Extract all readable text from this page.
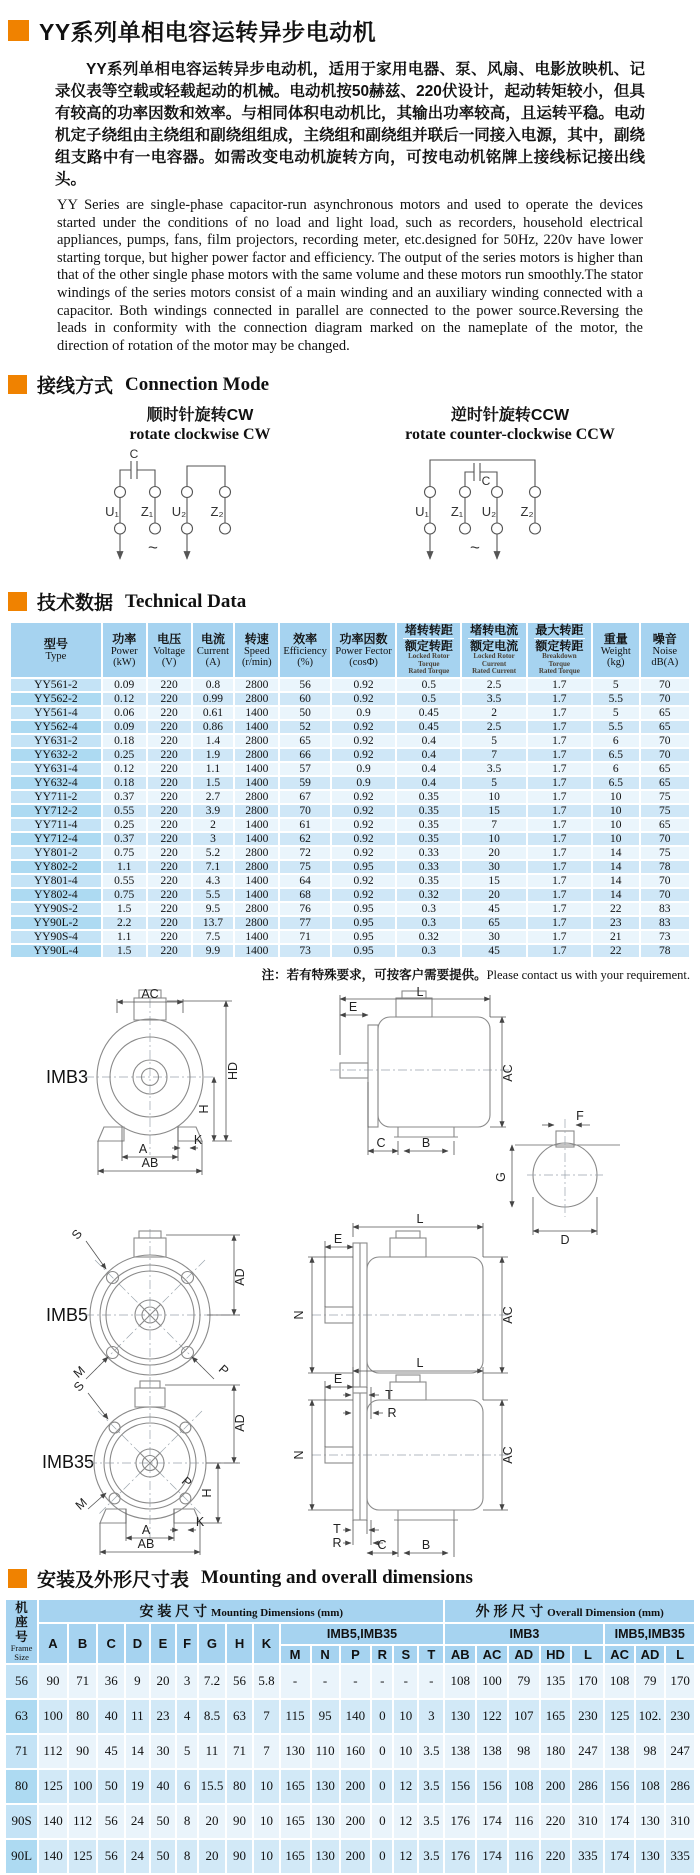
YY系列单相电容运转异步电动机

YY系列单相电容运转异步电动机，适用于家用电器、泵、风扇、电影放映机、记录仪表等空载或轻载起动的机械。电动机按50赫兹、220伏设计，起动转矩较小，但具有较高的功率因数和效率。与相同体积电动机比，其输出功率较高，且运转平稳。电动机定子绕组由主绕组和副绕组组成，主绕组和副绕组并联后一同接入电源，其中，副绕组支路中有一电容器。如需改变电动机旋转方向，可按电动机铭牌上接线标记接出线头。

YY Series are single-phase capacitor-run asynchronous motors and used to operate the devices started under the conditions of no load and light load, such as recorders, household electrical appliances, pumps, fans, film projectors, recording meter, etc.designed for 50Hz, 220v have lower starting torque, but higher power factor and efficiency. The output of the series motors is higher than that of the other single phase motors with the same volume and these motors run smoothly.The stator windings of the series motors consist of a main winding and an auxiliary winding connected with a capacitor. Both windings connected in parallel are connected to the power source.Reversing the leads in conformity with the connection diagram marked on the nameplate of the motor, the direction of rotation of the motor may be changed.

接线方式 Connection Mode
顺时针旋转CW
rotate clockwise CW
C
U₁ Z₁ U₂ Z₂
~
逆时针旋转CCW
rotate counter-clockwise CCW
C
U₁ Z₁ U₂ Z₂
~
技术数据 Technical Data
型号
Type

功率
Power
(kW)

电压
Voltage
(V)

电流
Current
(A)

转速
Speed
(r/min)

效率
Efficiency
(%)

功率因数
Power Fector
(cosΦ)

堵转转距
额定转距
Locked Rotor
Torque
Rated Torque

堵转电流
额定电流
Locked Rotor
Current
Rated Current

最大转距
额定转距
Breakdown
Torque
Rated Torque

重量
Weight
(kg)

噪音
Noise
dB(A)

YY561-2	0.09	220	0.8	2800	56	0.92	0.5	2.5	1.7	5	70
YY562-2	0.12	220	0.99	2800	60	0.92	0.5	3.5	1.7	5.5	70
YY561-4	0.06	220	0.61	1400	50	0.9	0.45	2	1.7	5	65
YY562-4	0.09	220	0.86	1400	52	0.92	0.45	2.5	1.7	5.5	65
YY631-2	0.18	220	1.4	2800	65	0.92	0.4	5	1.7	6	70
YY632-2	0.25	220	1.9	2800	66	0.92	0.4	7	1.7	6.5	70
YY631-4	0.12	220	1.1	1400	57	0.9	0.4	3.5	1.7	6	65
YY632-4	0.18	220	1.5	1400	59	0.9	0.4	5	1.7	6.5	65
YY711-2	0.37	220	2.7	2800	67	0.92	0.35	10	1.7	10	75
YY712-2	0.55	220	3.9	2800	70	0.92	0.35	15	1.7	10	75
YY711-4	0.25	220	2	1400	61	0.92	0.35	7	1.7	10	65
YY712-4	0.37	220	3	1400	62	0.92	0.35	10	1.7	10	70
YY801-2	0.75	220	5.2	2800	72	0.92	0.33	20	1.7	14	75
YY802-2	1.1	220	7.1	2800	75	0.95	0.33	30	1.7	14	78
YY801-4	0.55	220	4.3	1400	64	0.92	0.35	15	1.7	14	70
YY802-4	0.75	220	5.5	1400	68	0.92	0.32	20	1.7	14	70
YY90S-2	1.5	220	9.5	2800	76	0.95	0.3	45	1.7	22	83
YY90L-2	2.2	220	13.7	2800	77	0.95	0.3	65	1.7	23	83
YY90S-4	1.1	220	7.5	1400	71	0.95	0.32	30	1.7	21	73
YY90L-4	1.5	220	9.9	1400	73	0.95	0.3	45	1.7	22	78
注：若有特殊要求，可按客户需要提供。Please contact us with your requirement.
IMB3
AC
HD
H
K
A
AB
L
E
AC
C	B
F
G
D
IMB5
S
AD
M	P
L
E
N	AC
T
R
IMB35
S
AD
P
H
M
K
A
AB
L
E
N	AC
T
R	C	B
安装及外形尺寸表 Mounting and overall dimensions
机座号
Frame Size	安 装 尺 寸 Mounting Dimensions (mm)															外 形 尺 寸 Overall Dimension (mm)							
	A	B	C	D	E	F	G	H	K	IMB5,IMB35						IMB3					IMB5,IMB35		
										M	N	P	R	S	T	AB	AC	AD	HD	L	AC	AD	L
56	90	71	36	9	20	3	7.2	56	5.8	-	-	-	-	-	-	108	100	79	135	170	108	79	170
63	100	80	40	11	23	4	8.5	63	7	115	95	140	0	10	3	130	122	107	165	230	125	102.	230
71	112	90	45	14	30	5	11	71	7	130	110	160	0	10	3.5	138	138	98	180	247	138	98	247
80	125	100	50	19	40	6	15.5	80	10	165	130	200	0	12	3.5	156	156	108	200	286	156	108	286
90S	140	112	56	24	50	8	20	90	10	165	130	200	0	12	3.5	176	174	116	220	310	174	130	310
90L	140	125	56	24	50	8	20	90	10	165	130	200	0	12	3.5	176	174	116	220	335	174	130	335
